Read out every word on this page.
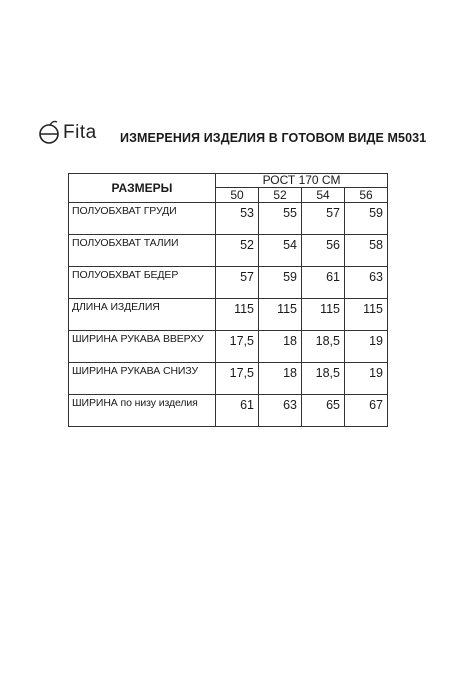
Fita ИЗМЕРЕНИЯ ИЗДЕЛИЯ В ГОТОВОМ ВИДЕ M5031
РАЗМЕРЫ	РОСТ 170 СМ			
	50	52	54	56
ПОЛУОБХВАТ ГРУДИ	53	55	57	59
ПОЛУОБХВАТ ТАЛИИ	52	54	56	58
ПОЛУОБХВАТ БЕДЕР	57	59	61	63
ДЛИНА ИЗДЕЛИЯ	115	115	115	115
ШИРИНА РУКАВА ВВЕРХУ	17,5	18	18,5	19
ШИРИНА РУКАВА СНИЗУ	17,5	18	18,5	19
ШИРИНА по низу изделия	61	63	65	67
